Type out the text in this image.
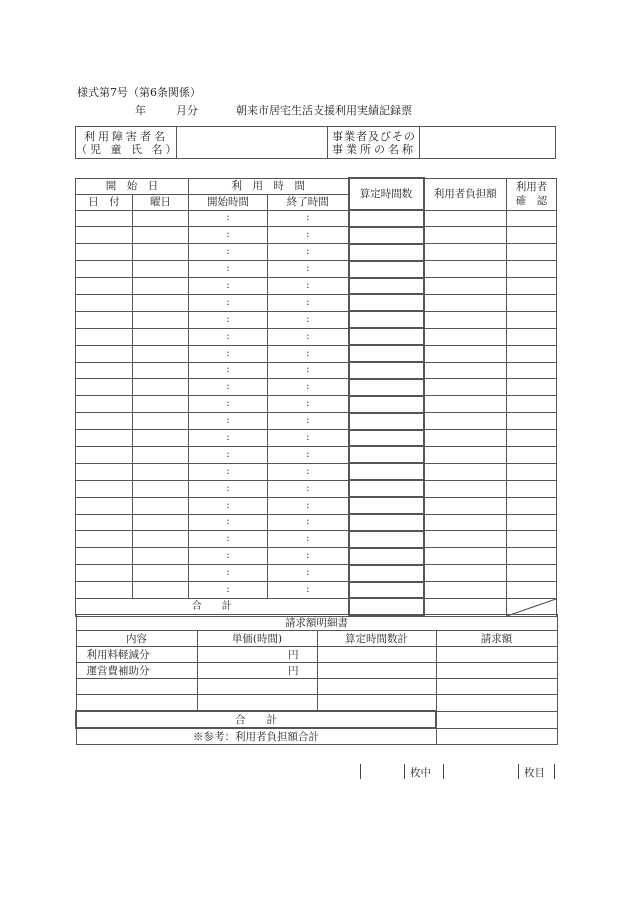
様式第7号（第6条関係）
年	月分	朝来市居宅生活支援利用実績記録票
利用障害者名
（児 童 氏 名）

事業者及びその
事業所の名称

開　始　日		利　用　時　間		算定時間数	利用者負担額	利用者
確　認

日　付	曜日	開始時間	終了時間			
		:	:			
		:	:			
		:	:			
		:	:			
		:	:			
		:	:			
		:	:			
		:	:			
		:	:			
		:	:			
		:	:			
		:	:			
		:	:			
		:	:			
		:	:			
		:	:			
		:	:			
		:	:			
		:	:			
		:	:			
		:	:			
		:	:			
		:	:			
合　　計			
請求額明細書			
内容	単価(時間)	算定時間数計	請求額
利用料軽減分	円		
運営費補助分	円		

合　　計			
※参考：利用者負担額合計			
枚中	枚目
